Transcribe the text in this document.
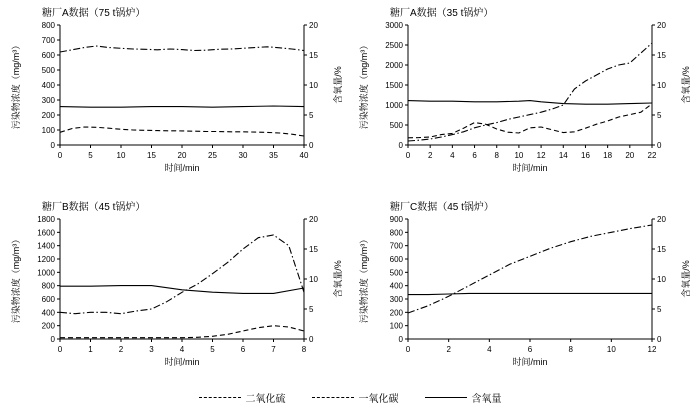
糖厂A数据（75 t锅炉）
0	5	10	15	20	25	30	35	40
0
100
200
300
400
500
600
700
800
0
5
10
15
20
时间/min
污染物浓度（mg/m³）	含氧量/%
糖厂A数据（35 t锅炉）
0 2 4 6 8 10 12 14 16 18 20 22
0
500
1000
1500
2000
2500
3000
0
5
10
15
20
时间/min
污染物浓度（mg/m³）	含氧量/%
糖厂B数据（45 t锅炉）
0	1	2	3	4	5	6	7	8
0
200
400
600
800
1000
1200
1400
1600
1800
0
5
10
15
20
时间/min
污染物浓度（mg/m³）	含氧量/%
糖厂C数据（45 t锅炉）
0	2	4	6	8	10	12
0
100
200
300
400
500
600
700
800
900
0
5
10
15
20
时间/min
污染物浓度（mg/m³）	含氧量/%
二氧化硫	一氧化碳	含氧量
